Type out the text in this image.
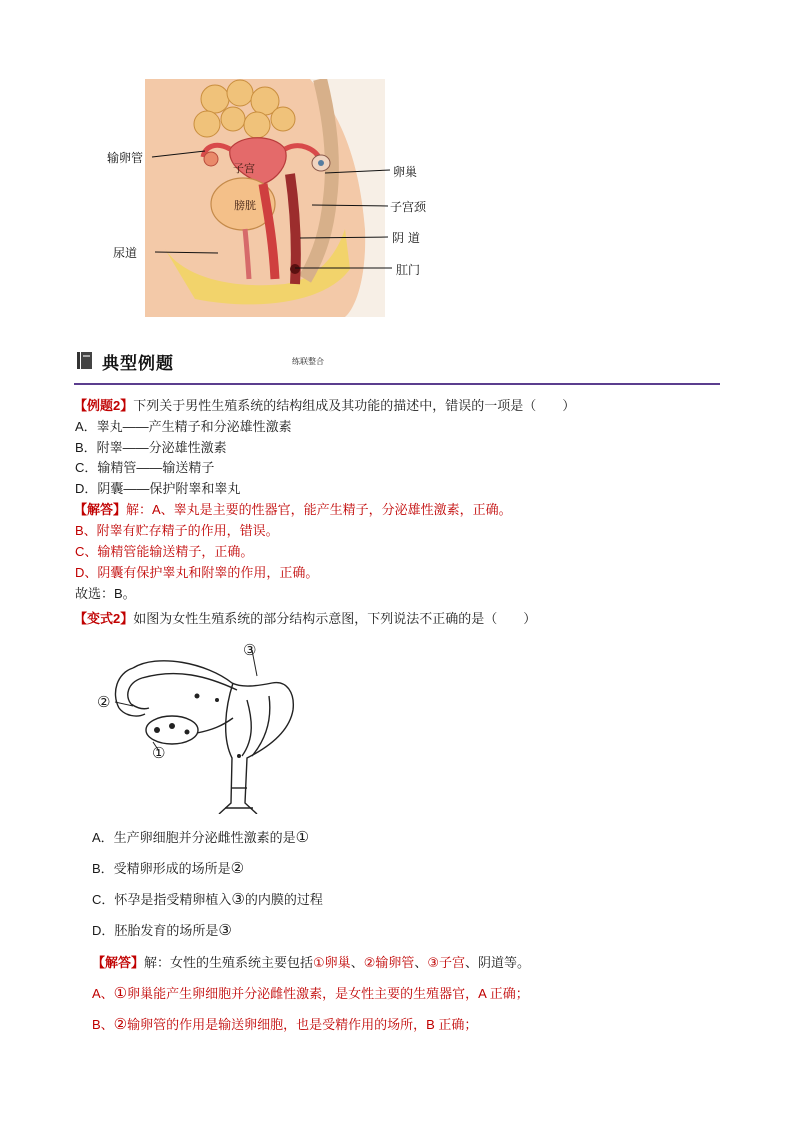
子宫
膀胱
输卵管
卵巢
子宫颈
尿道
阴 道
肛门
典型例题	练联整合
【例题2】下列关于男性生殖系统的结构组成及其功能的描述中，错误的一项是（　　）
A．睾丸——产生精子和分泌雄性激素
B．附睾——分泌雄性激素
C．输精管——输送精子
D．阴囊——保护附睾和睾丸
【解答】解：A、睾丸是主要的性器官，能产生精子，分泌雄性激素，正确。
B、附睾有贮存精子的作用，错误。
C、输精管能输送精子，正确。
D、阴囊有保护睾丸和附睾的作用，正确。
故选：B。
【变式2】如图为女性生殖系统的部分结构示意图，下列说法不正确的是（　　）
②
①
③
A．生产卵细胞并分泌雌性激素的是①
B．受精卵形成的场所是②
C．怀孕是指受精卵植入③的内膜的过程
D．胚胎发育的场所是③
【解答】解：女性的生殖系统主要包括①卵巢、②输卵管、③子宫、阴道等。
A、①卵巢能产生卵细胞并分泌雌性激素，是女性主要的生殖器官，A 正确；
B、②输卵管的作用是输送卵细胞，也是受精作用的场所，B 正确；
